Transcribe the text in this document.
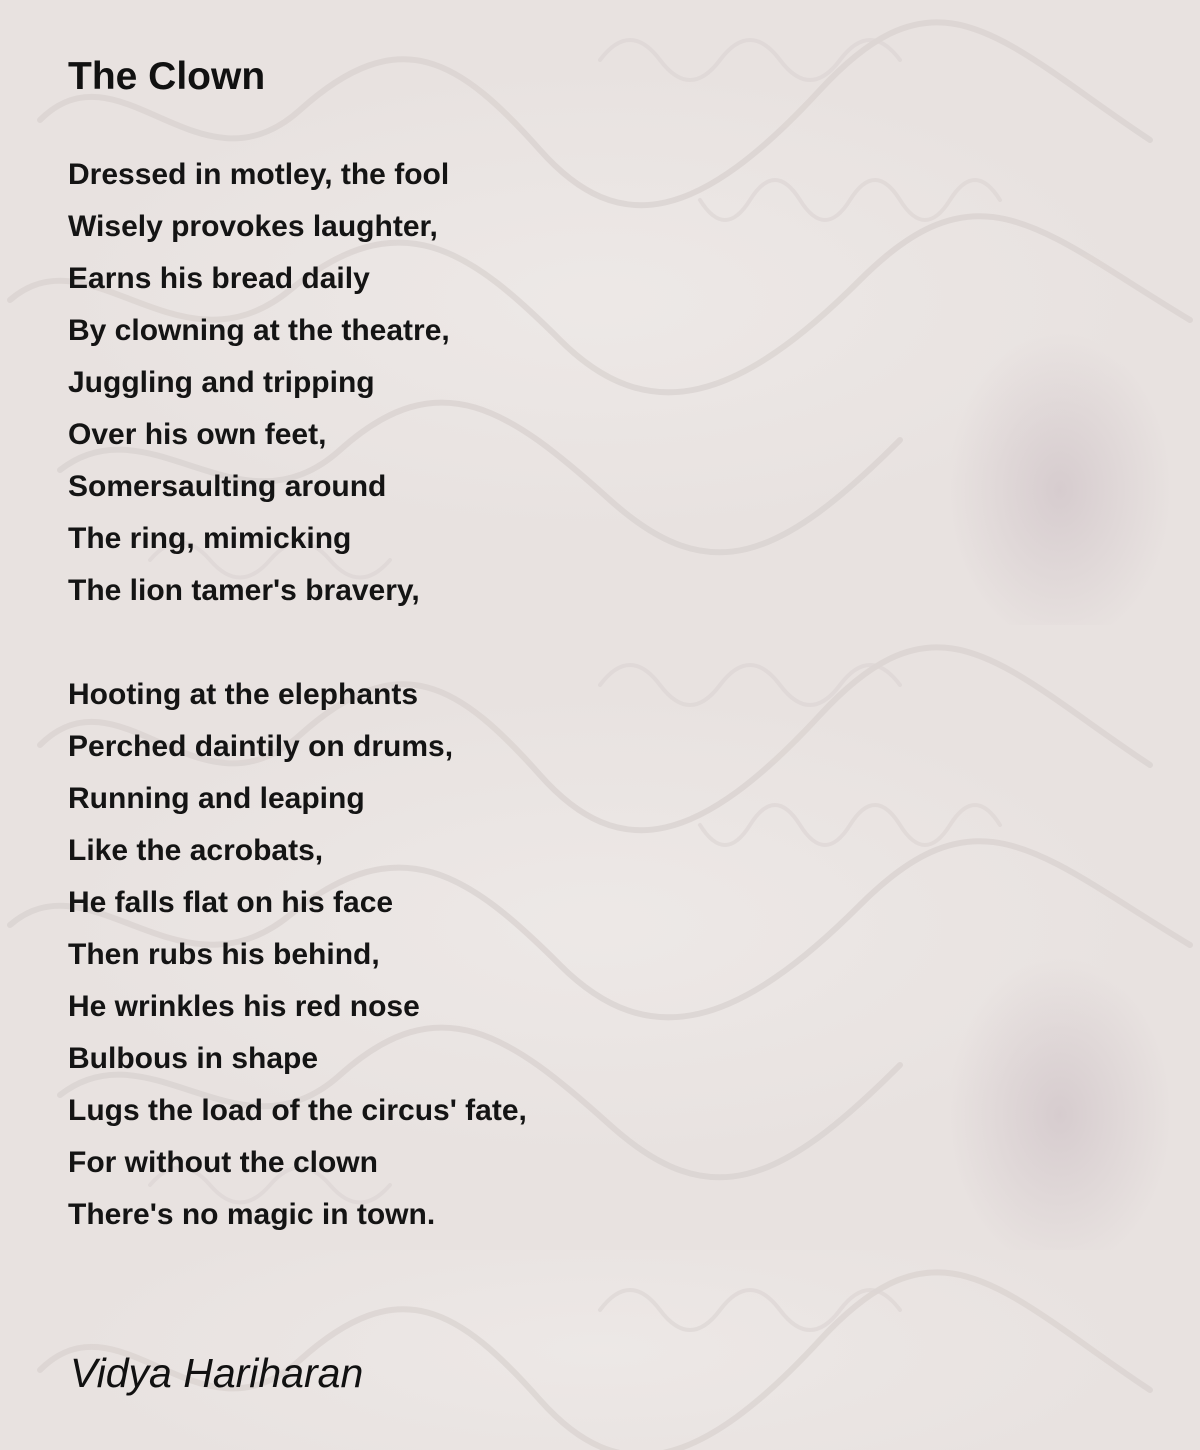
The Clown
Dressed in motley, the fool
Wisely provokes laughter,
Earns his bread daily
By clowning at the theatre,
Juggling and tripping
Over his own feet,
Somersaulting around
The ring, mimicking
The lion tamer's bravery,
Hooting at the elephants
Perched daintily on drums,
Running and leaping
Like the acrobats,
He falls flat on his face
Then rubs his behind,
He wrinkles his red nose
Bulbous in shape
Lugs the load of the circus' fate,
For without the clown
There's no magic in town.
Vidya Hariharan
